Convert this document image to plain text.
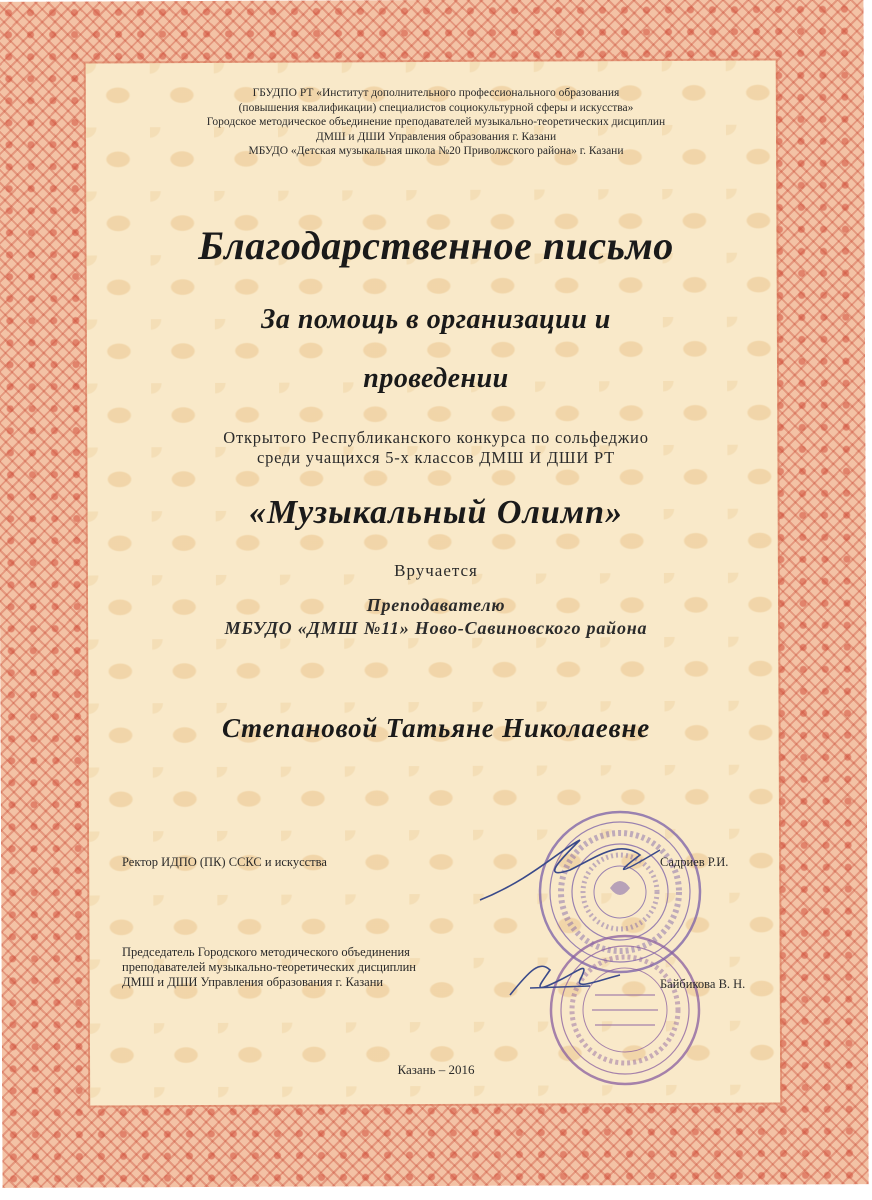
ГБУДПО РТ «Институт дополнительного профессионального образования
(повышения квалификации) специалистов социокультурной сферы и искусства»
Городское методическое объединение преподавателей музыкально-теоретических дисциплин
ДМШ и ДШИ Управления образования г. Казани
МБУДО «Детская музыкальная школа №20 Приволжского района» г. Казани
Благодарственное письмо
За помощь в организации и
проведении
Открытого Республиканского конкурса по сольфеджио
среди учащихся 5-х классов ДМШ И ДШИ РТ
«Музыкальный Олимп»
Вручается
Преподавателю
МБУДО «ДМШ №11» Ново-Савиновского района
Степановой Татьяне Николаевне
Ректор ИДПО (ПК) ССКС и искусства	Садриев Р.И.
Председатель Городского методического объединения
преподавателей музыкально-теоретических дисциплин
ДМШ и ДШИ Управления образования г. Казани	Байбикова В. Н.
Казань – 2016
